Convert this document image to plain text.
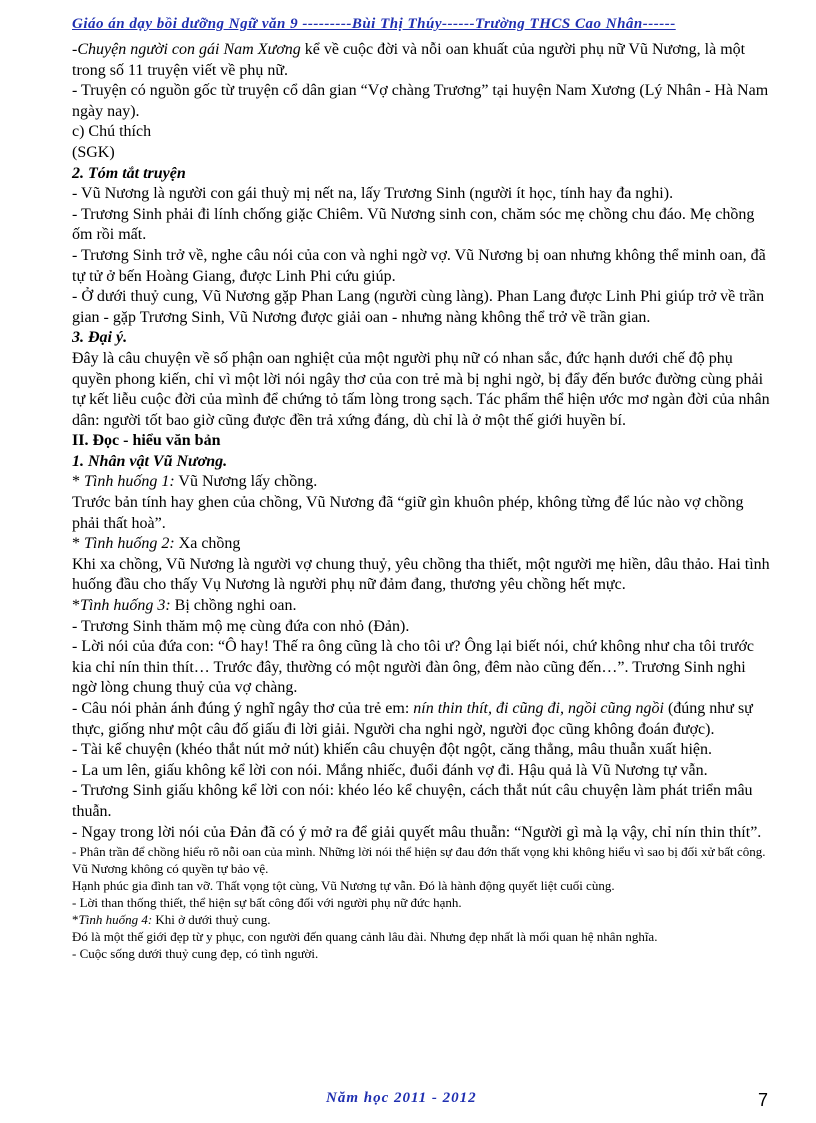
Giáo án dạy bồi dưỡng Ngữ văn 9 ---------Bùi Thị Thúy------Trường THCS Cao Nhân------

-Chuyện người con gái Nam Xương kể về cuộc đời và nỗi oan khuất của người phụ nữ Vũ Nương, là một trong số 11 truyện viết về phụ nữ.

- Truyện có nguồn gốc từ truyện cổ dân gian “Vợ chàng Trương” tại huyện Nam Xương (Lý Nhân - Hà Nam ngày nay).

c) Chú thích

(SGK)

2. Tóm tắt truyện

- Vũ Nương là người con gái thuỳ mị nết na, lấy Trương Sinh (người ít học, tính hay đa nghi).

- Trương Sinh phải đi lính chống giặc Chiêm. Vũ Nương sinh con, chăm sóc mẹ chồng chu đáo. Mẹ chồng ốm rồi mất.

- Trương Sinh trở về, nghe câu nói của con và nghi ngờ vợ. Vũ Nương bị oan nhưng không thể minh oan, đã tự tử ở bến Hoàng Giang, được Linh Phi cứu giúp.

- Ở dưới thuỷ cung, Vũ Nương gặp Phan Lang (người cùng làng). Phan Lang được Linh Phi giúp trở về trần gian - gặp Trương Sinh, Vũ Nương được giải oan - nhưng nàng không thể trở về trần gian.

3. Đại ý.

Đây là câu chuyện về số phận oan nghiệt của một người phụ nữ có nhan sắc, đức hạnh dưới chế độ phụ quyền phong kiến, chỉ vì một lời nói ngây thơ của con trẻ mà bị nghi ngờ, bị đẩy đến bước đường cùng phải tự kết liễu cuộc đời của mình để chứng tỏ tấm lòng trong sạch. Tác phẩm thể hiện ước mơ ngàn đời của nhân dân: người tốt bao giờ cũng được đền trả xứng đáng, dù chỉ là ở một thế giới huyền bí.

II. Đọc - hiểu văn bản

1. Nhân vật Vũ Nương.

* Tình huống 1: Vũ Nương lấy chồng.

Trước bản tính hay ghen của chồng, Vũ Nương đã “giữ gìn khuôn phép, không từng để lúc nào vợ chồng phải thất hoà”.

* Tình huống 2: Xa chồng

Khi xa chồng, Vũ Nương là người vợ chung thuỷ, yêu chồng tha thiết, một người mẹ hiền, dâu thảo. Hai tình huống đầu cho thấy Vụ Nương là người phụ nữ đảm đang, thương yêu chồng hết mực.

*Tình huống 3: Bị chồng nghi oan.

- Trương Sinh thăm mộ mẹ cùng đứa con nhỏ (Đản).

- Lời nói của đứa con: “Ô hay! Thế ra ông cũng là cho tôi ư? Ông lại biết nói, chứ không như cha tôi trước kia chỉ nín thin thít… Trước đây, thường có một người đàn ông, đêm nào cũng đến…”. Trương Sinh nghi ngờ lòng chung thuỷ của vợ chàng.

- Câu nói phản ánh đúng ý nghĩ ngây thơ của trẻ em: nín thin thít, đi cũng đi, ngồi cũng ngồi (đúng như sự thực, giống như một câu đố giấu đi lời giải. Người cha nghi ngờ, người đọc cũng không đoán được).

- Tài kể chuyện (khéo thắt nút mở nút) khiến câu chuyện đột ngột, căng thẳng, mâu thuẫn xuất hiện.

- La um lên, giấu không kể lời con nói. Mắng nhiếc, đuổi đánh vợ đi. Hậu quả là Vũ Nương tự vẫn.

- Trương Sinh giấu không kể lời con nói: khéo léo kể chuyện, cách thắt nút câu chuyện làm phát triển mâu thuẫn.

- Ngay trong lời nói của Đản đã có ý mở ra để giải quyết mâu thuẫn: “Người gì mà lạ vậy, chỉ nín thin thít”.

- Phân trần để chồng hiểu rõ nỗi oan của mình. Những lời nói thể hiện sự đau đớn thất vọng khi không hiểu vì sao bị đối xử bất công. Vũ Nương không có quyền tự bảo vệ.

Hạnh phúc gia đình tan vỡ. Thất vọng tột cùng, Vũ Nương tự vẫn. Đó là hành động quyết liệt cuối cùng.

- Lời than thống thiết, thể hiện sự bất công đối với người phụ nữ đức hạnh.

*Tình huống 4: Khi ở dưới thuỷ cung.

Đó là một thế giới đẹp từ y phục, con người đến quang cảnh lâu đài. Nhưng đẹp nhất là mối quan hệ nhân nghĩa.

- Cuộc sống dưới thuỷ cung đẹp, có tình người.

Năm học 2011 - 2012	7
